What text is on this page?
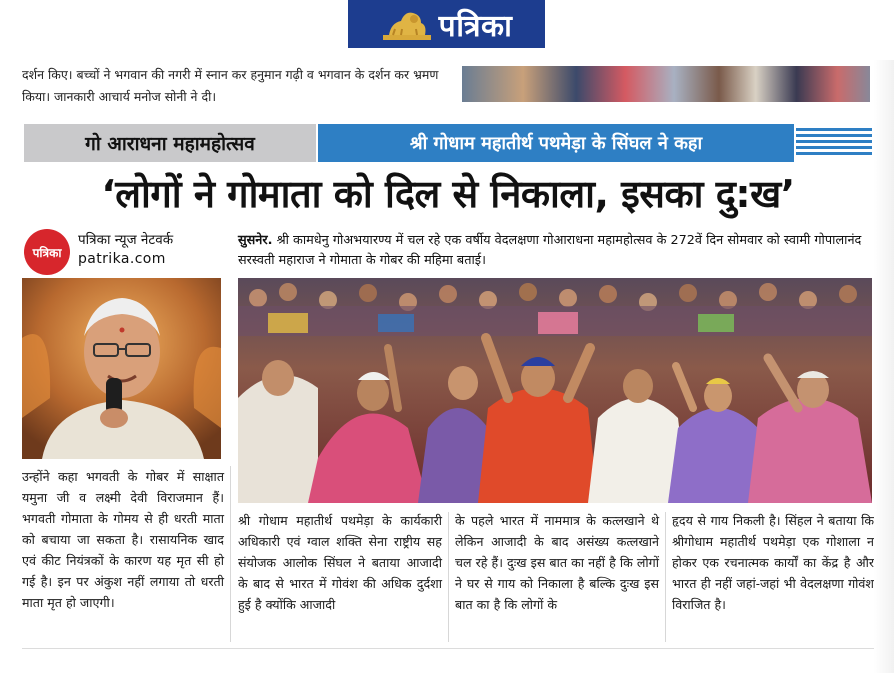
पत्रिका
दर्शन किए। बच्चों ने भगवान की नगरी में स्नान कर हनुमान गढ़ी व भगवान के दर्शन कर भ्रमण किया। जानकारी आचार्य मनोज सोनी ने दी।
गो आराधना महामहोत्सव	श्री गोधाम महातीर्थ पथमेड़ा के सिंघल ने कहा
‘लोगों ने गोमाता को दिल से निकाला, इसका दु:ख’
पत्रिका
पत्रिका न्यूज नेटवर्क
patrika.com
सुसनेर. श्री कामधेनु गोअभयारण्य में चल रहे एक वर्षीय वेदलक्षणा गोआराधना महामहोत्सव के 272वें दिन सोमवार को स्वामी गोपालानंद सरस्वती महाराज ने गोमाता के गोबर की महिमा बताई।
उन्होंने कहा भगवती के गोबर में साक्षात यमुना जी व लक्ष्मी देवी विराजमान हैं। भगवती गोमाता के गोमय से ही धरती माता को बचाया जा सकता है। रासायनिक खाद एवं कीट नियंत्रकों के कारण यह मृत सी हो गई है। इन पर अंकुश नहीं लगाया तो धरती माता मृत हो जाएगी।
श्री गोधाम महातीर्थ पथमेड़ा के कार्यकारी अधिकारी एवं ग्वाल शक्ति सेना राष्ट्रीय सह संयोजक आलोक सिंघल ने बताया आजादी के बाद से भारत में गोवंश की अधिक दुर्दशा हुई है क्योंकि आजादी
के पहले भारत में नाममात्र के कत्लखाने थे लेकिन आजादी के बाद असंख्य कत्लखाने चल रहे हैं। दुःख इस बात का नहीं है कि लोगों ने घर से गाय को निकाला है बल्कि दुःख इस बात का है कि लोगों के
हृदय से गाय निकली है। सिंहल ने बताया कि श्रीगोधाम महातीर्थ पथमेड़ा एक गोशाला न होकर एक रचनात्मक कार्यों का केंद्र है और भारत ही नहीं जहां-जहां भी वेदलक्षणा गोवंश विराजित है।
